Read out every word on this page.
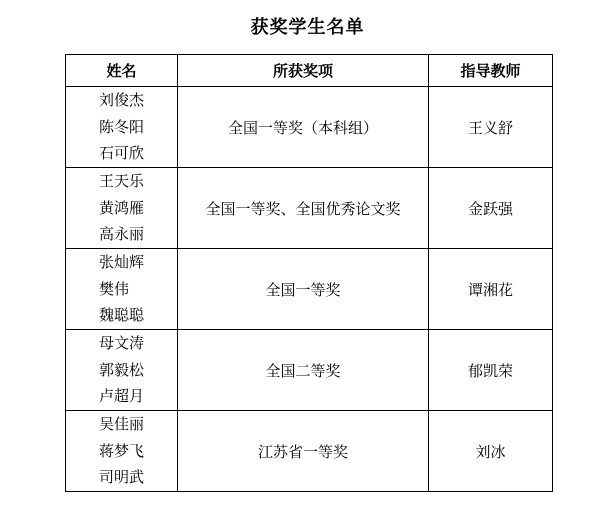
获奖学生名单
姓名	所获奖项	指导教师

刘俊杰
陈冬阳
石可欣	全国一等奖（本科组）	王义舒

王天乐
黄鸿雁
高永丽	全国一等奖、全国优秀论文奖	金跃强

张灿辉
樊伟
魏聪聪	全国一等奖	谭湘花

母文涛
郭毅松
卢超月	全国二等奖	郁凯荣

吴佳丽
蒋梦飞
司明武	江苏省一等奖	刘冰
